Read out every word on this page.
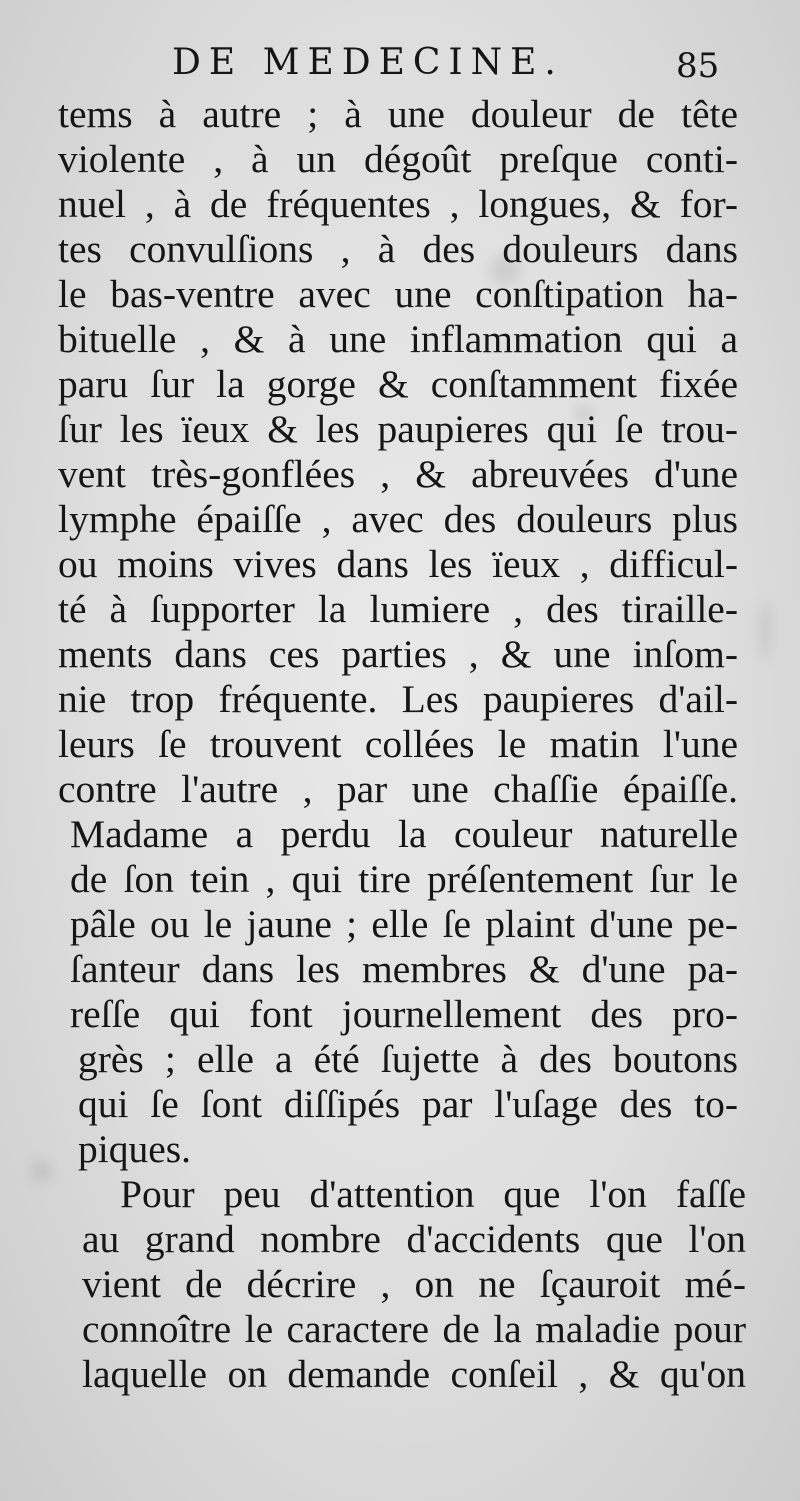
DE MEDECINE.	85
tems à autre ; à une douleur de tête
violente , à un dégoût preſque conti-
nuel , à de fréquentes , longues, & for-
tes convulſions , à des douleurs dans
le bas-ventre avec une conſtipation ha-
bituelle , & à une inflammation qui a
paru ſur la gorge & conſtamment fixée
ſur les ïeux & les paupieres qui ſe trou-
vent très-gonflées , & abreuvées d'une
lymphe épaiſſe , avec des douleurs plus
ou moins vives dans les ïeux , difficul-
té à ſupporter la lumiere , des tiraille-
ments dans ces parties , & une inſom-
nie trop fréquente. Les paupieres d'ail-
leurs ſe trouvent collées le matin l'une
contre l'autre , par une chaſſie épaiſſe.
Madame a perdu la couleur naturelle
de ſon tein , qui tire préſentement ſur le
pâle ou le jaune ; elle ſe plaint d'une pe-
ſanteur dans les membres & d'une pa-
reſſe qui font journellement des pro-
grès ; elle a été ſujette à des boutons
qui ſe ſont diſſipés par l'uſage des to-
piques.
Pour peu d'attention que l'on faſſe
au grand nombre d'accidents que l'on
vient de décrire , on ne ſçauroit mé-
connoître le caractere de la maladie pour
laquelle on demande conſeil , & qu'on
